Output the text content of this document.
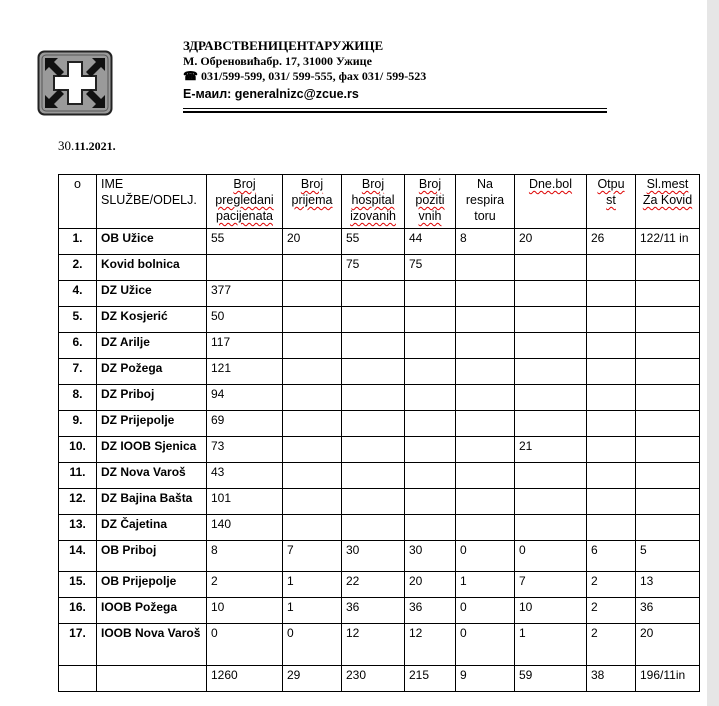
ЗДРАВСТВЕНИЦЕНТАРУЖИЦЕ
М. Обреновићабр. 17, 31000 Ужице
☎ 031/599-599, 031/ 599-555, фах 031/ 599-523
Е-маил: generalnizc@zcue.rs
30.11.2021.
o	IME SLUŽBE/ODELJ.	Broj pregledani pacijenata	Broj prijema	Broj hospital izovanih	Broj poziti vnih	Na respira toru	Dne.bol	Otpu st	Sl.mest Za Kovid
1.	OB Užice	55	20	55	44	8	20	26	122/11 in
2.	Kovid bolnica			75	75				
4.	DZ Užice	377							
5.	DZ Kosjerić	50							
6.	DZ Arilje	117							
7.	DZ Požega	121							
8.	DZ Priboj	94							
9.	DZ Prijepolje	69							
10.	DZ IOOB Sjenica	73					21		
11.	DZ Nova Varoš	43							
12.	DZ Bajina Bašta	101							
13.	DZ Čajetina	140							
14.	OB Priboj	8	7	30	30	0	0	6	5
15.	OB Prijepolje	2	1	22	20	1	7	2	13
16.	IOOB Požega	10	1	36	36	0	10	2	36
17.	IOOB Nova Varoš	0	0	12	12	0	1	2	20
		1260	29	230	215	9	59	38	196/11in
